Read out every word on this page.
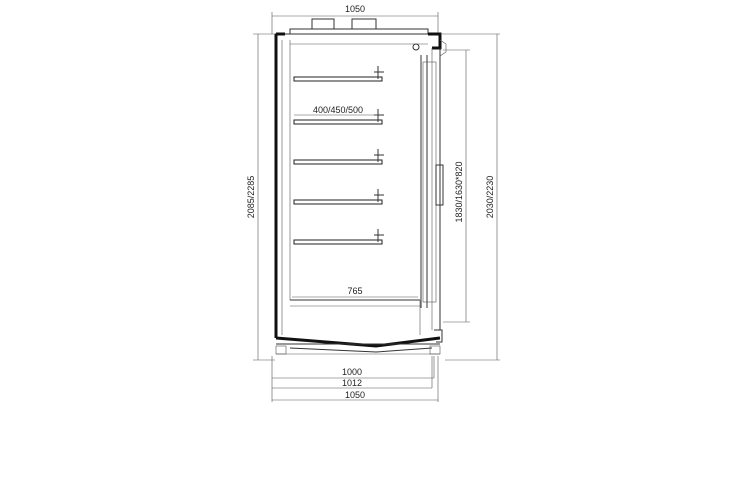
1050
2085/2285
400/450/500
765
1830/1630*820 2030/2230
1000
1012
1050
